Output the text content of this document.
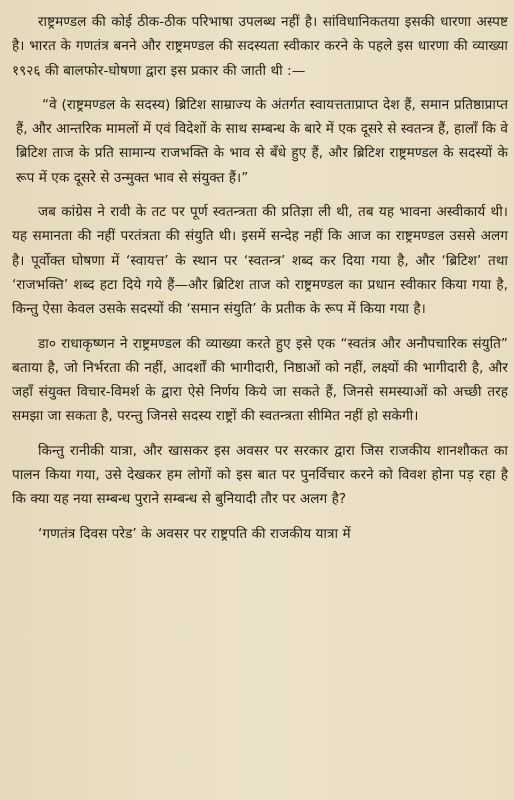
राष्ट्रमण्डल की कोई ठीक-ठीक परिभाषा उपलब्ध नहीं है। सांविधानिकतया इसकी धारणा अस्पष्ट है। भारत के गणतंत्र बनने और राष्ट्रमण्डल की सदस्यता स्वीकार करने के पहले इस धारणा की व्याख्या १९२६ की बालफोर-घोषणा द्वारा इस प्रकार की जाती थी :—

“वे (राष्ट्रमण्डल के सदस्य) ब्रिटिश साम्राज्य के अंतर्गत स्वायत्तताप्राप्त देश हैं, समान प्रतिष्ठाप्राप्त हैं, और आन्तरिक मामलों में एवं विदेशों के साथ सम्बन्ध के बारे में एक दूसरे से स्वतन्त्र हैं, हालाँ कि वे ब्रिटिश ताज के प्रति सामान्य राजभक्ति के भाव से बँधे हुए हैं, और ब्रिटिश राष्ट्रमण्डल के सदस्यों के रूप में एक दूसरे से उन्मुक्त भाव से संयुक्त हैं।”

जब कांग्रेस ने रावी के तट पर पूर्ण स्वतन्त्रता की प्रतिज्ञा ली थी, तब यह भावना अस्वीकार्य थी। यह समानता की नहीं परतंत्रता की संयुति थी। इसमें सन्देह नहीं कि आज का राष्ट्रमण्डल उससे अलग है। पूर्वोक्त घोषणा में ‘स्वायत्त’ के स्थान पर ‘स्वतन्त्र’ शब्द कर दिया गया है, और ‘ब्रिटिश’ तथा ‘राजभक्ति’ शब्द हटा दिये गये हैं—और ब्रिटिश ताज को राष्ट्रमण्डल का प्रधान स्वीकार किया गया है, किन्तु ऐसा केवल उसके सदस्यों की ‘समान संयुति’ के प्रतीक के रूप में किया गया है।

डा० राधाकृष्णन ने राष्ट्रमण्डल की व्याख्या करते हुए इसे एक “स्वतंत्र और अनौपचारिक संयुति” बताया है, जो निर्भरता की नहीं, आदर्शों की भागीदारी, निष्ठाओं को नहीं, लक्ष्यों की भागीदारी है, और जहाँ संयुक्त विचार-विमर्श के द्वारा ऐसे निर्णय किये जा सकते हैं, जिनसे समस्याओं को अच्छी तरह समझा जा सकता है, परन्तु जिनसे सदस्य राष्ट्रों की स्वतन्त्रता सीमित नहीं हो सकेगी।

किन्तु रानीकी यात्रा, और खासकर इस अवसर पर सरकार द्वारा जिस राजकीय शानशौकत का पालन किया गया, उसे देखकर हम लोगों को इस बात पर पुनर्विचार करने को विवश होना पड़ रहा है कि क्या यह नया सम्बन्ध पुराने सम्बन्ध से बुनियादी तौर पर अलग है?

‘गणतंत्र दिवस परेड’ के अवसर पर राष्ट्रपति की राजकीय यात्रा में
